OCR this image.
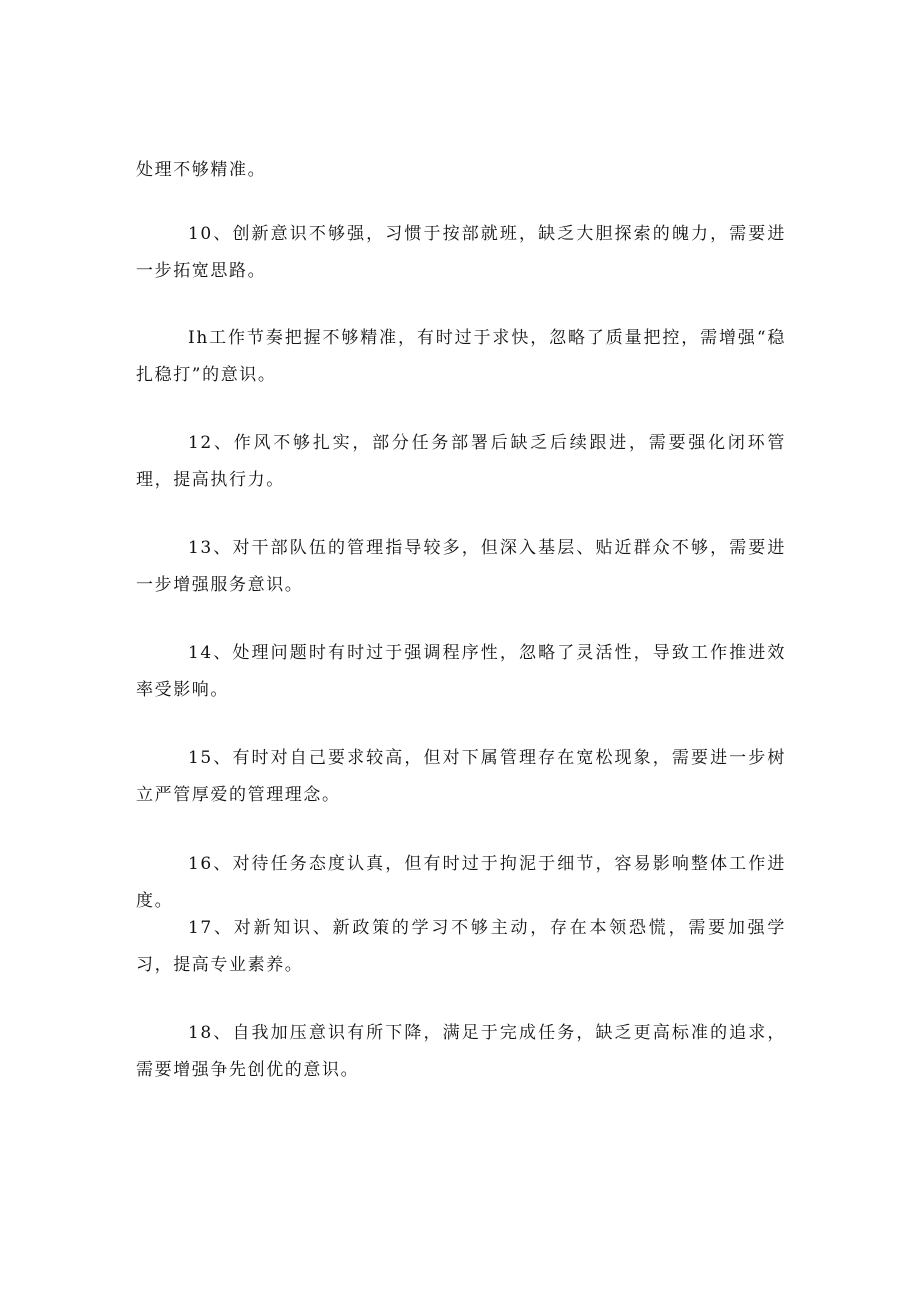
处理不够精准。

10、创新意识不够强，习惯于按部就班，缺乏大胆探索的魄力，需要进一步拓宽思路。

Ih工作节奏把握不够精准，有时过于求快，忽略了质量把控，需增强“稳扎稳打”的意识。

12、作风不够扎实，部分任务部署后缺乏后续跟进，需要强化闭环管理，提高执行力。

13、对干部队伍的管理指导较多，但深入基层、贴近群众不够，需要进一步增强服务意识。

14、处理问题时有时过于强调程序性，忽略了灵活性，导致工作推进效率受影响。

15、有时对自己要求较高，但对下属管理存在宽松现象，需要进一步树立严管厚爱的管理理念。

16、对待任务态度认真，但有时过于拘泥于细节，容易影响整体工作进度。

17、对新知识、新政策的学习不够主动，存在本领恐慌，需要加强学习，提高专业素养。

18、自我加压意识有所下降，满足于完成任务，缺乏更高标准的追求，需要增强争先创优的意识。
